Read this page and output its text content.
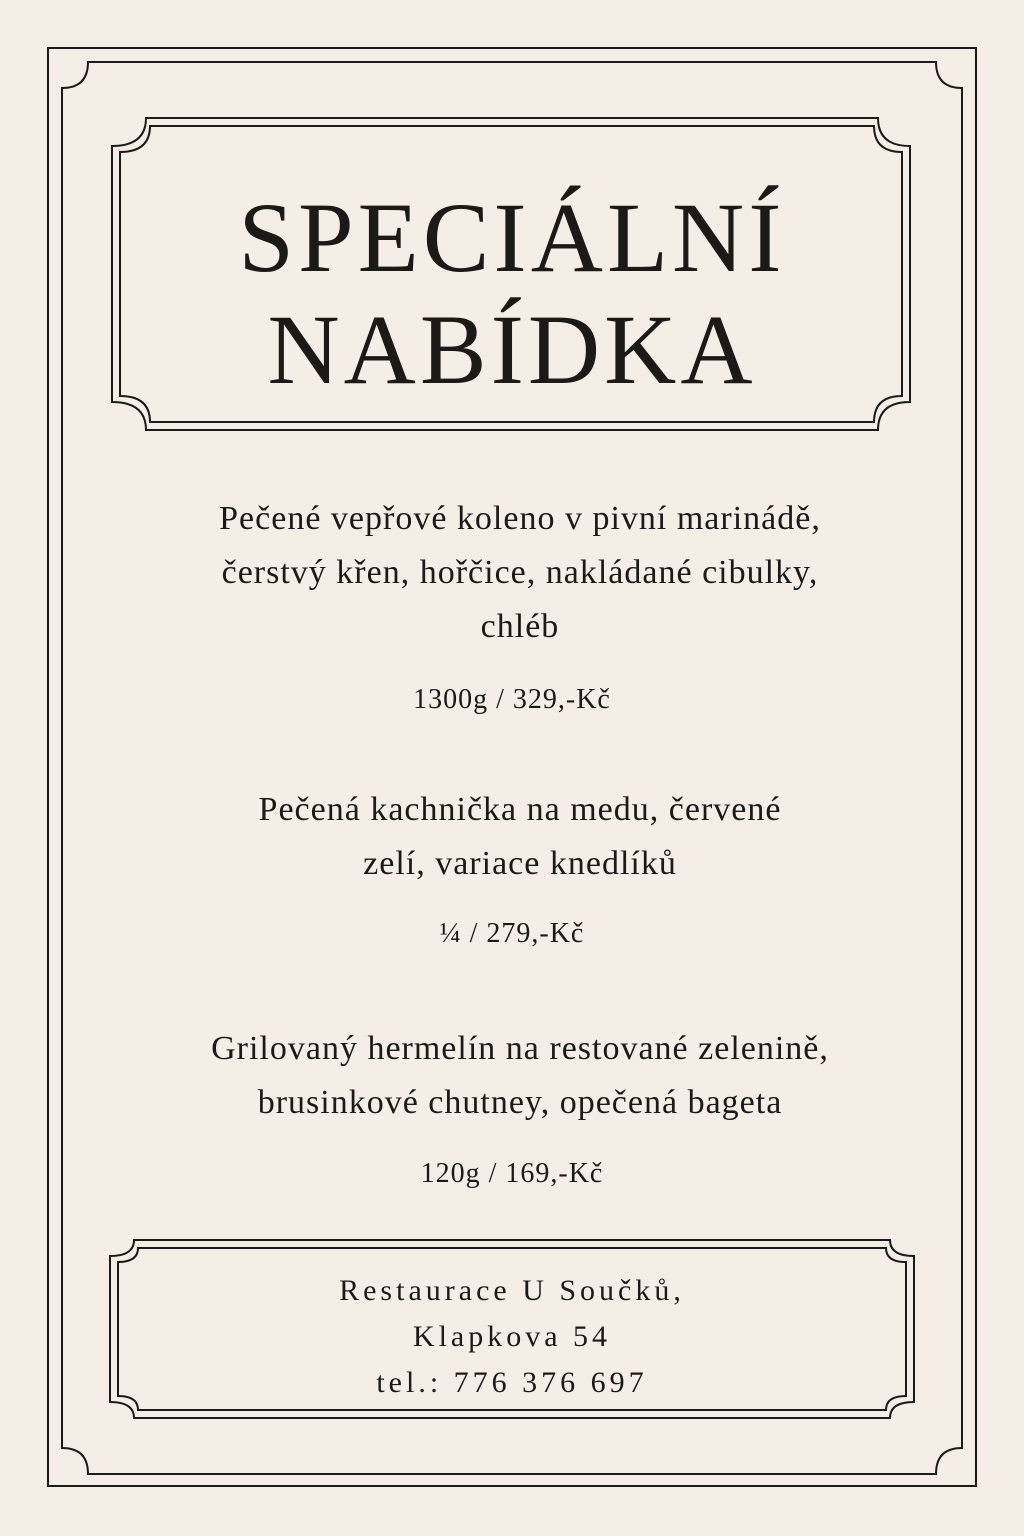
SPECIÁLNÍ
NABÍDKA

Pečené vepřové koleno v pivní marinádě,
čerstvý křen, hořčice, nakládané cibulky,
chléb

1300g / 329,-Kč

Pečená kachnička na medu, červené
zelí, variace knedlíků

¼ / 279,-Kč

Grilovaný hermelín na restované zelenině,
brusinkové chutney, opečená bageta

120g / 169,-Kč
Restaurace U Součků,
Klapkova 54
tel.: 776 376 697
